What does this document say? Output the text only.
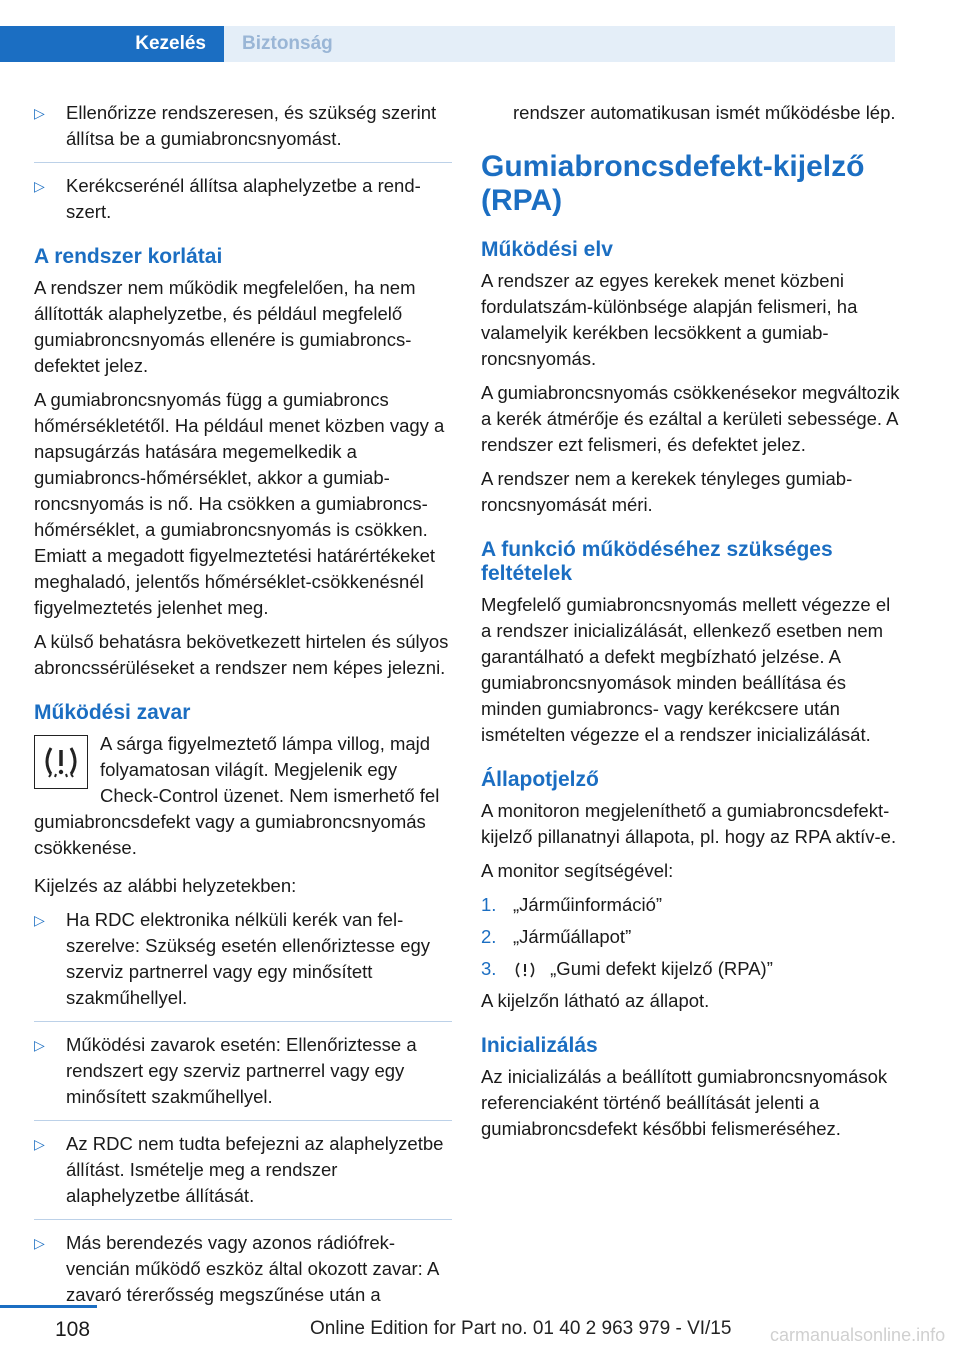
Kezelés	Biztonság
▷ Ellenőrizze rendszeresen, és szükség szerint állítsa be a gumiabroncsnyomást.
▷ Kerékcserénél állítsa alaphelyzetbe a rendszert.
A rendszer korlátai

A rendszer nem működik megfelelően, ha nem állították alaphelyzetbe, és például megfelelő gumiabroncsnyomás ellenére is gumiabroncsdefektet jelez.

A gumiabroncsnyomás függ a gumiabroncs hőmérsékletétől. Ha például menet közben vagy a napsugárzás hatására megemelkedik a gumiabroncs-hőmérséklet, akkor a gumiabroncsnyomás is nő. Ha csökken a gumiabroncs-hőmérséklet, a gumiabroncsnyomás is csökken. Emiatt a megadott figyelmeztetési határértékeket meghaladó, jelentős hőmérséklet-csökkenésnél figyelmeztetés jelenhet meg.

A külső behatásra bekövetkezett hirtelen és súlyos abroncssérüléseket a rendszer nem képes jelezni.

Működési zavar

A sárga figyelmeztető lámpa villog, majd folyamatosan világít. Megjelenik egy Check-Control üzenet. Nem ismerhető fel gumiabroncsdefekt vagy a gumiabroncsnyomás csökkenése.

Kijelzés az alábbi helyzetekben:

▷ Ha RDC elektronika nélküli kerék van felszerelve: Szükség esetén ellenőriztesse egy szerviz partnerrel vagy egy minősített szakműhellyel.
▷ Működési zavarok esetén: Ellenőriztesse a rendszert egy szerviz partnerrel vagy egy minősített szakműhellyel.
▷ Az RDC nem tudta befejezni az alaphelyzetbe állítást. Ismételje meg a rendszer alaphelyzetbe állítását.
▷ Más berendezés vagy azonos rádiófrekvencián működő eszköz által okozott zavar: A zavaró térerősség megszűnése után a

rendszer automatikusan ismét működésbe lép.

Gumiabroncsdefekt-kijelző (RPA)
Működési elv

A rendszer az egyes kerekek menet közbeni fordulatszám-különbsége alapján felismeri, ha valamelyik kerékben lecsökkent a gumiabroncsnyomás.

A gumiabroncsnyomás csökkenésekor megváltozik a kerék átmérője és ezáltal a kerületi sebessége. A rendszer ezt felismeri, és defektet jelez.

A rendszer nem a kerekek tényleges gumiabroncsnyomását méri.

A funkció működéséhez szükséges feltételek

Megfelelő gumiabroncsnyomás mellett végezze el a rendszer inicializálását, ellenkező esetben nem garantálható a defekt megbízható jelzése. A gumiabroncsnyomások minden beállítása és minden gumiabroncs- vagy kerékcsere után ismételten végezze el a rendszer inicializálását.

Állapotjelző

A monitoron megjeleníthető a gumiabroncsdefekt-kijelző pillanatnyi állapota, pl. hogy az RPA aktív-e.

A monitor segítségével:

1. „Járműinformáció”
2. „Járműállapot”
3.	„Gumi defekt kijelző (RPA)”

A kijelzőn látható az állapot.

Inicializálás

Az inicializálás a beállított gumiabroncsnyomások referenciaként történő beállítását jelenti a gumiabroncsdefekt későbbi felismeréséhez.

108	Online Edition for Part no. 01 40 2 963 979 - VI/15 carmanualsonline.info
